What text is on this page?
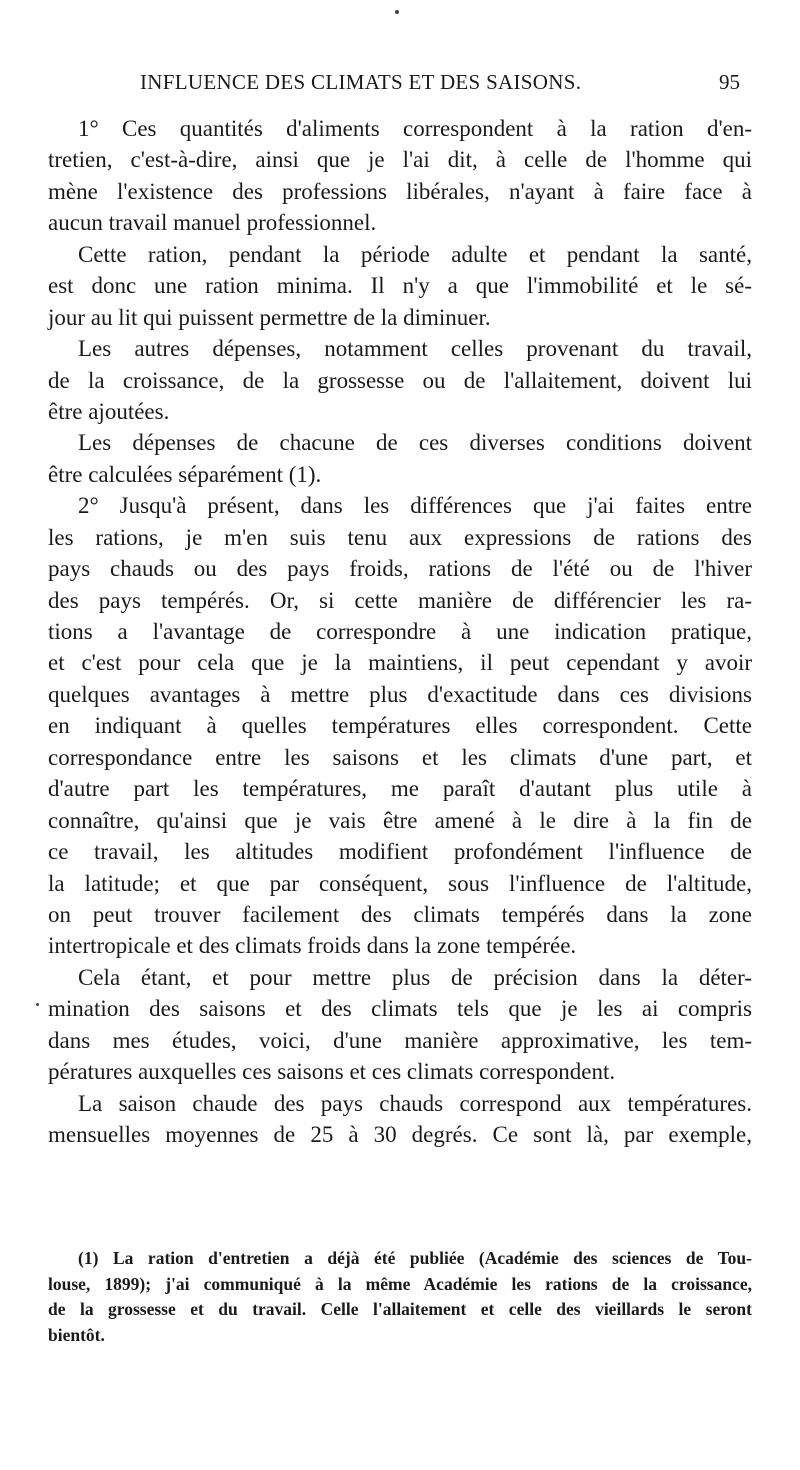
INFLUENCE DES CLIMATS ET DES SAISONS.	95
1° Ces quantités d'aliments correspondent à la ration d'en-
tretien, c'est-à-dire, ainsi que je l'ai dit, à celle de l'homme qui
mène l'existence des professions libérales, n'ayant à faire face à
aucun travail manuel professionnel.
Cette ration, pendant la période adulte et pendant la santé,
est donc une ration minima. Il n'y a que l'immobilité et le sé-
jour au lit qui puissent permettre de la diminuer.
Les autres dépenses, notamment celles provenant du travail,
de la croissance, de la grossesse ou de l'allaitement, doivent lui
être ajoutées.
Les dépenses de chacune de ces diverses conditions doivent
être calculées séparément (1).
2° Jusqu'à présent, dans les différences que j'ai faites entre
les rations, je m'en suis tenu aux expressions de rations des
pays chauds ou des pays froids, rations de l'été ou de l'hiver
des pays tempérés. Or, si cette manière de différencier les ra-
tions a l'avantage de correspondre à une indication pratique,
et c'est pour cela que je la maintiens, il peut cependant y avoir
quelques avantages à mettre plus d'exactitude dans ces divisions
en indiquant à quelles températures elles correspondent. Cette
correspondance entre les saisons et les climats d'une part, et
d'autre part les températures, me paraît d'autant plus utile à
connaître, qu'ainsi que je vais être amené à le dire à la fin de
ce travail, les altitudes modifient profondément l'influence de
la latitude; et que par conséquent, sous l'influence de l'altitude,
on peut trouver facilement des climats tempérés dans la zone
intertropicale et des climats froids dans la zone tempérée.
Cela étant, et pour mettre plus de précision dans la déter-
mination des saisons et des climats tels que je les ai compris
dans mes études, voici, d'une manière approximative, les tem-
pératures auxquelles ces saisons et ces climats correspondent.
La saison chaude des pays chauds correspond aux températures.
mensuelles moyennes de 25 à 30 degrés. Ce sont là, par exemple,
(1) La ration d'entretien a déjà été publiée (Académie des sciences de Tou-
louse, 1899); j'ai communiqué à la même Académie les rations de la croissance,
de la grossesse et du travail. Celle l'allaitement et celle des vieillards le seront
bientôt.
